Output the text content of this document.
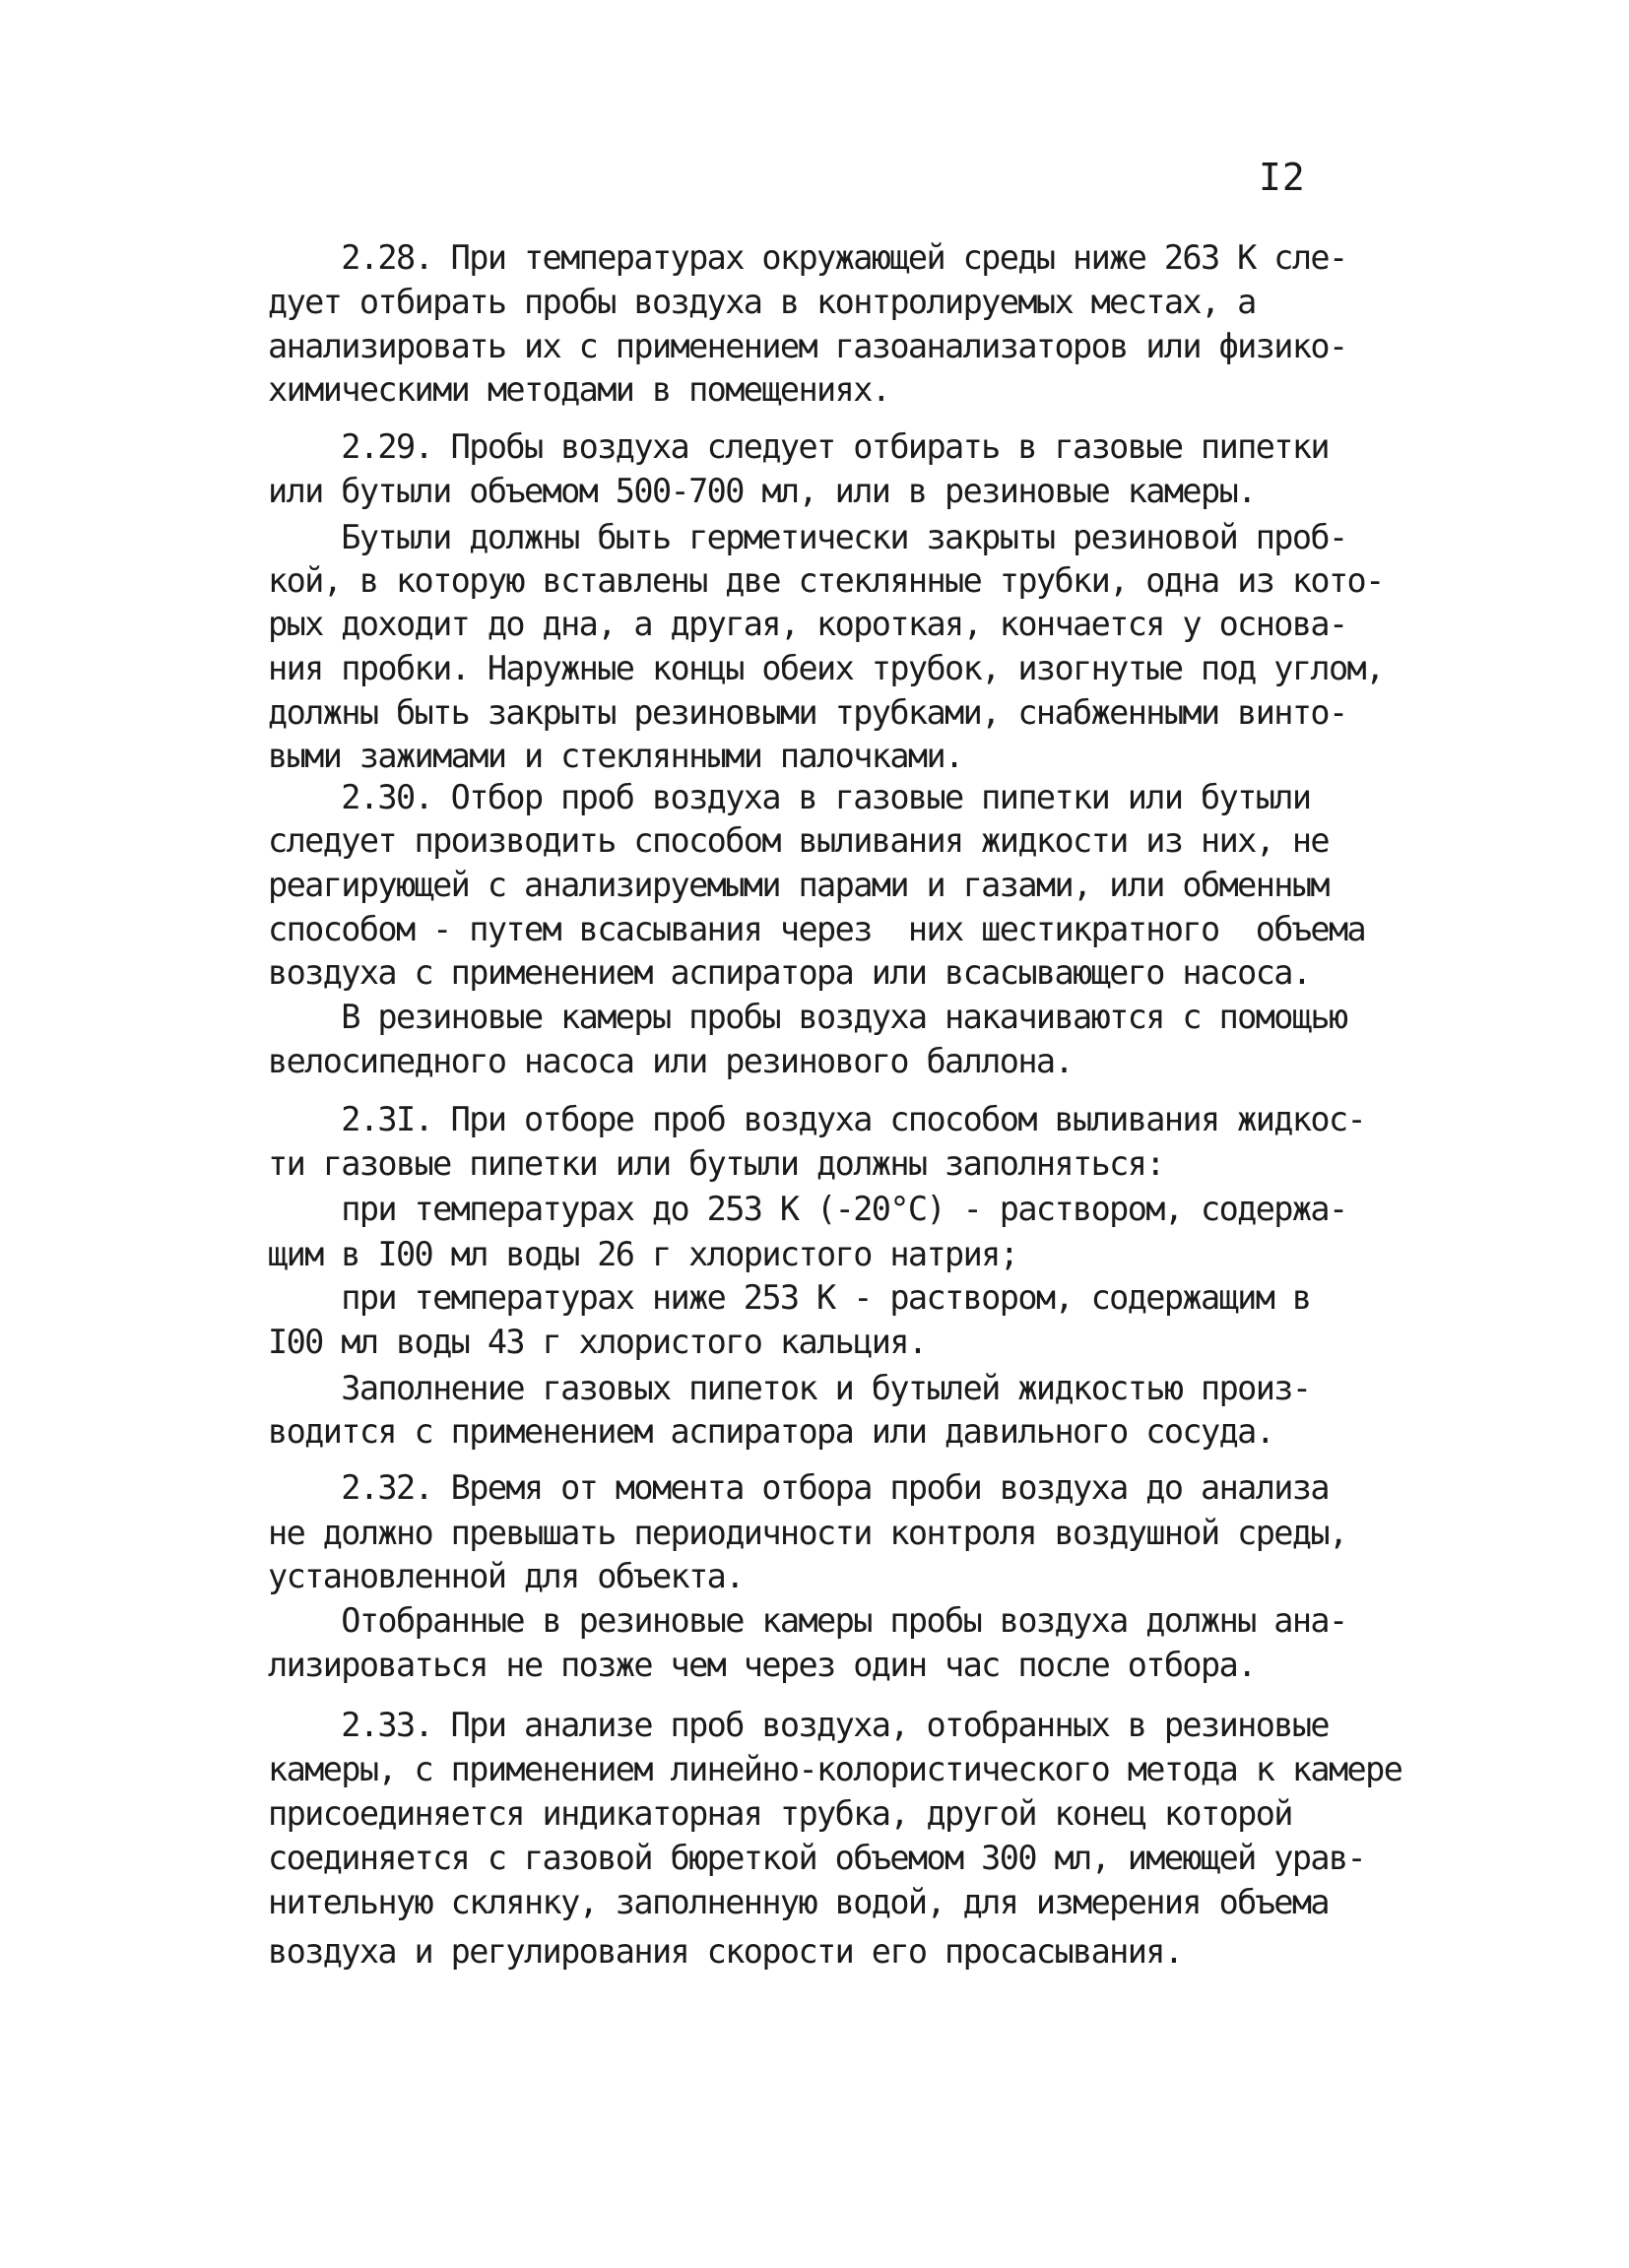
I2
2.28. При температурах окружающей среды ниже 263 К сле-
дует отбирать пробы воздуха в контролируемых местах, а
анализировать их с применением газоанализаторов или физико-
химическими методами в помещениях.
2.29. Пробы воздуха следует отбирать в газовые пипетки
или бутыли объемом 500-700 мл, или в резиновые камеры.
Бутыли должны быть герметически закрыты резиновой проб-
кой, в которую вставлены две стеклянные трубки, одна из кото-
рых доходит до дна, а другая, короткая, кончается у основа-
ния пробки. Наружные концы обеих трубок, изогнутые под углом,
должны быть закрыты резиновыми трубками, снабженными винто-
выми зажимами и стеклянными палочками.
2.30. Отбор проб воздуха в газовые пипетки или бутыли
следует производить способом выливания жидкости из них, не
реагирующей с анализируемыми парами и газами, или обменным
способом - путем всасывания через  них шестикратного  объема
воздуха с применением аспиратора или всасывающего насоса.
В резиновые камеры пробы воздуха накачиваются с помощью
велосипедного насоса или резинового баллона.
2.3I. При отборе проб воздуха способом выливания жидкос-
ти газовые пипетки или бутыли должны заполняться:
при температурах до 253 К (-20°С) - раствором, содержа-
щим в I00 мл воды 26 г хлористого натрия;
при температурах ниже 253 К - раствором, содержащим в
I00 мл воды 43 г хлористого кальция.
Заполнение газовых пипеток и бутылей жидкостью произ-
водится с применением аспиратора или давильного сосуда.
2.32. Время от момента отбора проби воздуха до анализа
не должно превышать периодичности контроля воздушной среды,
установленной для объекта.
Отобранные в резиновые камеры пробы воздуха должны ана-
лизироваться не позже чем через один час после отбора.
2.33. При анализе проб воздуха, отобранных в резиновые
камеры, с применением линейно-колористического метода к камере
присоединяется индикаторная трубка, другой конец которой
соединяется с газовой бюреткой объемом 300 мл, имеющей урав-
нительную склянку, заполненную водой, для измерения объема
воздуха и регулирования скорости его просасывания.
